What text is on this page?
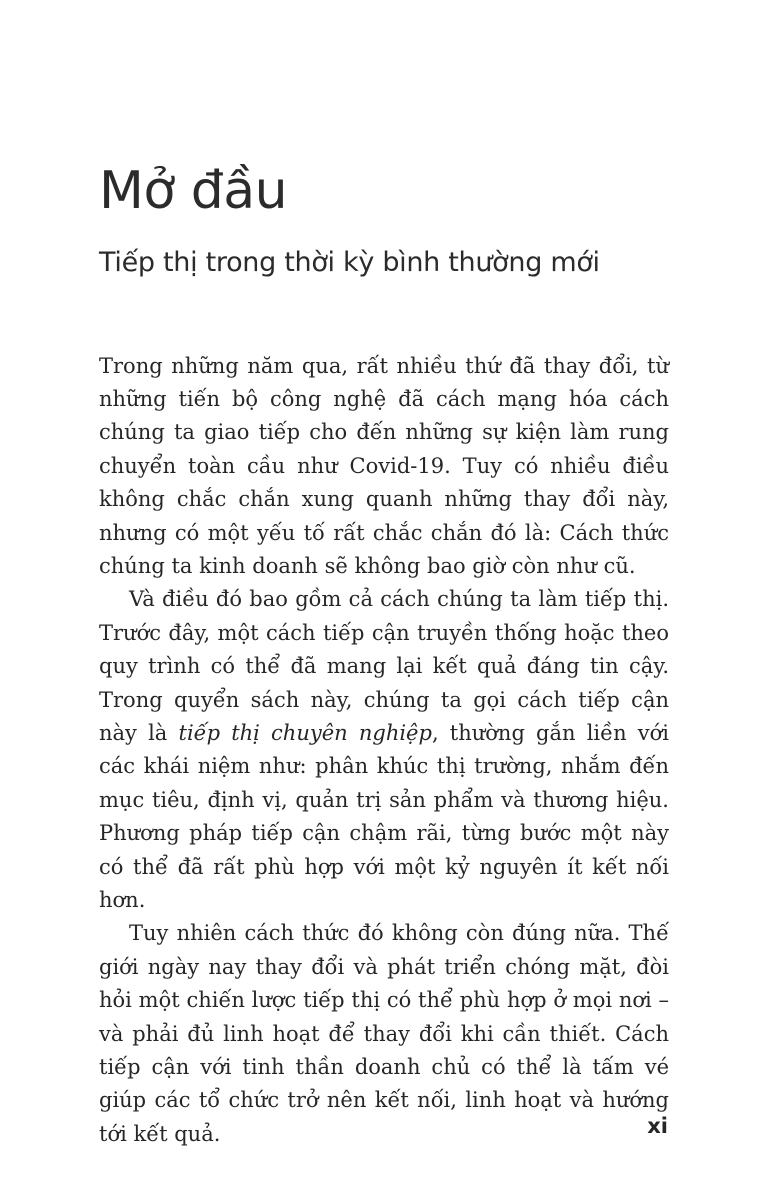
Mở đầu
Tiếp thị trong thời kỳ bình thường mới

Trong những năm qua, rất nhiều thứ đã thay đổi, từ những tiến bộ công nghệ đã cách mạng hóa cách chúng ta giao tiếp cho đến những sự kiện làm rung chuyển toàn cầu như Covid-19. Tuy có nhiều điều không chắc chắn xung quanh những thay đổi này, nhưng có một yếu tố rất chắc chắn đó là: Cách thức chúng ta kinh doanh sẽ không bao giờ còn như cũ.

Và điều đó bao gồm cả cách chúng ta làm tiếp thị. Trước đây, một cách tiếp cận truyền thống hoặc theo quy trình có thể đã mang lại kết quả đáng tin cậy. Trong quyển sách này, chúng ta gọi cách tiếp cận này là tiếp thị chuyên nghiệp, thường gắn liền với các khái niệm như: phân khúc thị trường, nhắm đến mục tiêu, định vị, quản trị sản phẩm và thương hiệu. Phương pháp tiếp cận chậm rãi, từng bước một này có thể đã rất phù hợp với một kỷ nguyên ít kết nối hơn.

Tuy nhiên cách thức đó không còn đúng nữa. Thế giới ngày nay thay đổi và phát triển chóng mặt, đòi hỏi một chiến lược tiếp thị có thể phù hợp ở mọi nơi – và phải đủ linh hoạt để thay đổi khi cần thiết. Cách tiếp cận với tinh thần doanh chủ có thể là tấm vé giúp các tổ chức trở nên kết nối, linh hoạt và hướng tới kết quả.	xi
